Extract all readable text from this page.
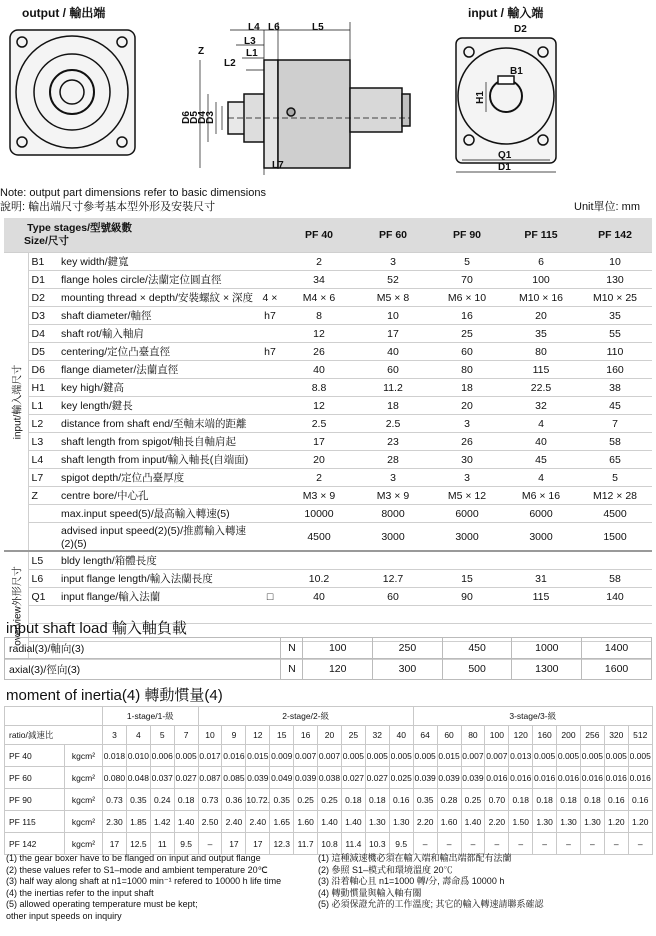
output / 輸出端	input / 輸入端
L4 L6	L5
L3
L1
L2
Z
D6
D5
D4
D3
L7
D2
B1
H1
Q1
D1
Note: output part dimensions refer to basic dimensions
說明: 輸出端尺寸參考基本型外形及安裝尺寸	Unit單位: mm
Type stages/型號級數
Size/尺寸				PF 40	PF 60	PF 90	PF 115	PF 142

input/輸入端尺寸	B1	key width/鍵寬		2	3	5	6	10
	D1	flange holes circle/法蘭定位圓直徑		34	52	70	100	130
	D2	mounting thread × depth/安裝螺紋 × 深度	4 ×	M4 × 6	M5 × 8	M6 × 10	M10 × 16	M10 × 25
	D3	shaft diameter/軸徑	h7	8	10	16	20	35
	D4	shaft rot/輸入軸肩		12	17	25	35	55
	D5	centering/定位凸臺直徑	h7	26	40	60	80	110
	D6	flange diameter/法蘭直徑		40	60	80	115	160
	H1	key high/鍵高		8.8	11.2	18	22.5	38
	L1	key length/鍵長		12	18	20	32	45
	L2	distance from shaft end/至軸末端的距離		2.5	2.5	3	4	7
	L3	shaft length from spigot/軸長自軸肩起		17	23	26	40	58
	L4	shaft length from input/輸入軸長(自端面)		20	28	30	45	65
	L7	spigot depth/定位凸臺厚度		2	3	3	4	5
	Z	centre bore/中心孔		M3 × 9	M3 × 9	M5 × 12	M6 × 16	M12 × 28
		max.input speed(5)/最高輸入轉速(5)		10000	8000	6000	6000	4500
		advised input speed(2)(5)/推薦輸入轉速(2)(5)		4500	3000	3000	3000	1500

overview外形尺寸	L5	bldy length/箱體長度						
	L6	input flange length/輸入法蘭長度		10.2	12.7	15	31	58
	Q1	input flange/輸入法蘭	□	40	60	90	115	140

input shaft load 輸入軸負載
radial(3)/軸向(3)	N	100	250	450	1000	1400
axial(3)/徑向(3)	N	120	300	500	1300	1600
moment of inertia(4) 轉動慣量(4)
		1-stage/1-級				2-stage/2-級									3-stage/3-級									
ratio/減速比		3	4	5	7	10	9	12	15	16	20	25	32	40	64	60	80	100	120	160	200	256	320	512
PF 40	kgcm²	0.018	0.010	0.006	0.005	0.017	0.016	0.015	0.009	0.007	0.007	0.005	0.005	0.005	0.005	0.015	0.007	0.007	0.013	0.005	0.005	0.005	0.005	0.005
PF 60	kgcm²	0.080	0.048	0.037	0.027	0.087	0.085	0.039	0.049	0.039	0.038	0.027	0.027	0.025	0.039	0.039	0.039	0.016	0.016	0.016	0.016	0.016	0.016	0.016
PF 90	kgcm²	0.73	0.35	0.24	0.18	0.73	0.36	10.72.	0.35	0.25	0.25	0.18	0.18	0.16	0.35	0.28	0.25	0.70	0.18	0.18	0.18	0.18	0.16	0.16
PF 115	kgcm²	2.30	1.85	1.42	1.40	2.50	2.40	2.40	1.65	1.60	1.40	1.40	1.30	1.30	2.20	1.60	1.40	2.20	1.50	1.30	1.30	1.30	1.20	1.20
PF 142	kgcm²	17	12.5	11	9.5	–	17	17	12.3	11.7	10.8	11.4	10.3	9.5	–	–	–	–	–	–	–	–	–	–
(1) the gear boxer have to be flanged on input and output flange
(2) these values refer to S1–mode and ambient temperature 20℃
(3) half way along shaft at n1=1000 min⁻¹ refered to 10000 h life time
(4) the inertias refer to the input shaft
(5) allowed operating temperature must be kept;
other input speeds on inquiry
(1) 這種減速機必須在輸入端和輸出端都配有法蘭
(2) 參照 S1–模式和環境溫度 20℃
(3) 沿着軸心且 n1=1000 轉/分, 壽命爲 10000 h
(4) 轉動慣量與輸入軸有關
(5) 必須保證允許的工作溫度; 其它的輸入轉速請聯系確認
